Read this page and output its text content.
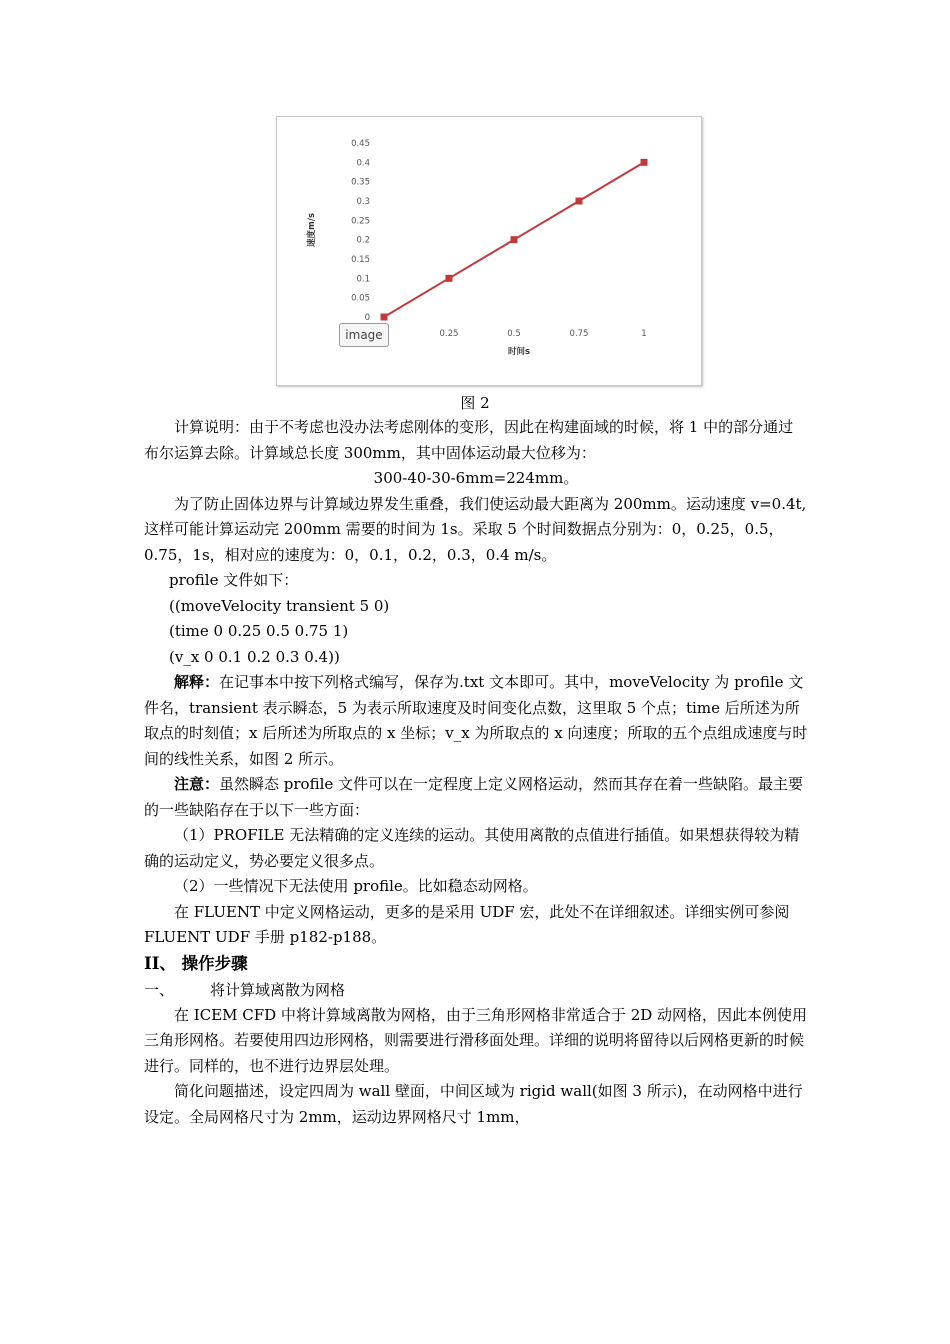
0
0.05
0.1
0.15
0.2
0.25
0.3
0.35
0.4
0.45
0.25	0.5	0.75	1
时间s
速度m/s
image
图 2

计算说明：由于不考虑也没办法考虑刚体的变形，因此在构建面域的时候，将 1 中的部分通过布尔运算去除。计算域总长度 300mm，其中固体运动最大位移为：

300-40-30-6mm=224mm。

为了防止固体边界与计算域边界发生重叠，我们使运动最大距离为 200mm。运动速度 v=0.4t,这样可能计算运动完 200mm 需要的时间为 1s。采取 5 个时间数据点分别为：0，0.25，0.5，0.75，1s，相对应的速度为：0，0.1，0.2，0.3，0.4 m/s。

profile 文件如下：

((moveVelocity transient 5 0)

(time 0 0.25 0.5 0.75 1)

(v_x 0 0.1 0.2 0.3 0.4))

解释：在记事本中按下列格式编写，保存为.txt 文本即可。其中，moveVelocity 为 profile 文件名，transient 表示瞬态，5 为表示所取速度及时间变化点数，这里取 5 个点；time 后所述为所取点的时刻值；x 后所述为所取点的 x 坐标；v_x 为所取点的 x 向速度；所取的五个点组成速度与时间的线性关系，如图 2 所示。

注意：虽然瞬态 profile 文件可以在一定程度上定义网格运动，然而其存在着一些缺陷。最主要的一些缺陷存在于以下一些方面：

（1）PROFILE 无法精确的定义连续的运动。其使用离散的点值进行插值。如果想获得较为精确的运动定义，势必要定义很多点。

（2）一些情况下无法使用 profile。比如稳态动网格。

在 FLUENT 中定义网格运动，更多的是采用 UDF 宏，此处不在详细叙述。详细实例可参阅 FLUENT UDF 手册 p182-p188。

II、 操作步骤

一、 将计算域离散为网格

在 ICEM CFD 中将计算域离散为网格，由于三角形网格非常适合于 2D 动网格，因此本例使用三角形网格。若要使用四边形网格，则需要进行滑移面处理。详细的说明将留待以后网格更新的时候进行。同样的，也不进行边界层处理。

简化问题描述，设定四周为 wall 壁面，中间区域为 rigid wall(如图 3 所示)，在动网格中进行设定。全局网格尺寸为 2mm，运动边界网格尺寸 1mm，
